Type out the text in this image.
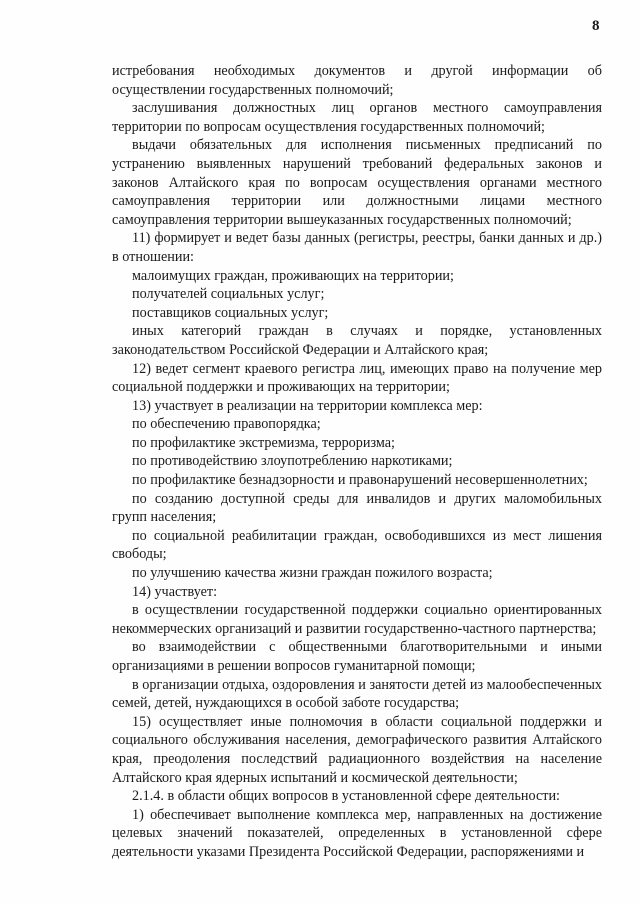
8

истребования необходимых документов и другой информации об осуществлении государственных полномочий;

заслушивания должностных лиц органов местного самоуправления территории по вопросам осуществления государственных полномочий;

выдачи обязательных для исполнения письменных предписаний по устранению выявленных нарушений требований федеральных законов и законов Алтайского края по вопросам осуществления органами местного самоуправления территории или должностными лицами местного самоуправления территории вышеуказанных государственных полномочий;

11) формирует и ведет базы данных (регистры, реестры, банки данных и др.) в отношении:

малоимущих граждан, проживающих на территории;

получателей социальных услуг;

поставщиков социальных услуг;

иных категорий граждан в случаях и порядке, установленных законодательством Российской Федерации и Алтайского края;

12) ведет сегмент краевого регистра лиц, имеющих право на получение мер социальной поддержки и проживающих на территории;

13) участвует в реализации на территории комплекса мер:

по обеспечению правопорядка;

по профилактике экстремизма, терроризма;

по противодействию злоупотреблению наркотиками;

по профилактике безнадзорности и правонарушений несовершеннолетних;

по созданию доступной среды для инвалидов и других маломобильных групп населения;

по социальной реабилитации граждан, освободившихся из мест лишения свободы;

по улучшению качества жизни граждан пожилого возраста;

14) участвует:

в осуществлении государственной поддержки социально ориентированных некоммерческих организаций и развитии государственно-частного партнерства;

во взаимодействии с общественными благотворительными и иными организациями в решении вопросов гуманитарной помощи;

в организации отдыха, оздоровления и занятости детей из малообеспеченных семей, детей, нуждающихся в особой заботе государства;

15) осуществляет иные полномочия в области социальной поддержки и социального обслуживания населения, демографического развития Алтайского края, преодоления последствий радиационного воздействия на население Алтайского края ядерных испытаний и космической деятельности;

2.1.4. в области общих вопросов в установленной сфере деятельности:

1) обеспечивает выполнение комплекса мер, направленных на достижение целевых значений показателей, определенных в установленной сфере деятельности указами Президента Российской Федерации, распоряжениями и
